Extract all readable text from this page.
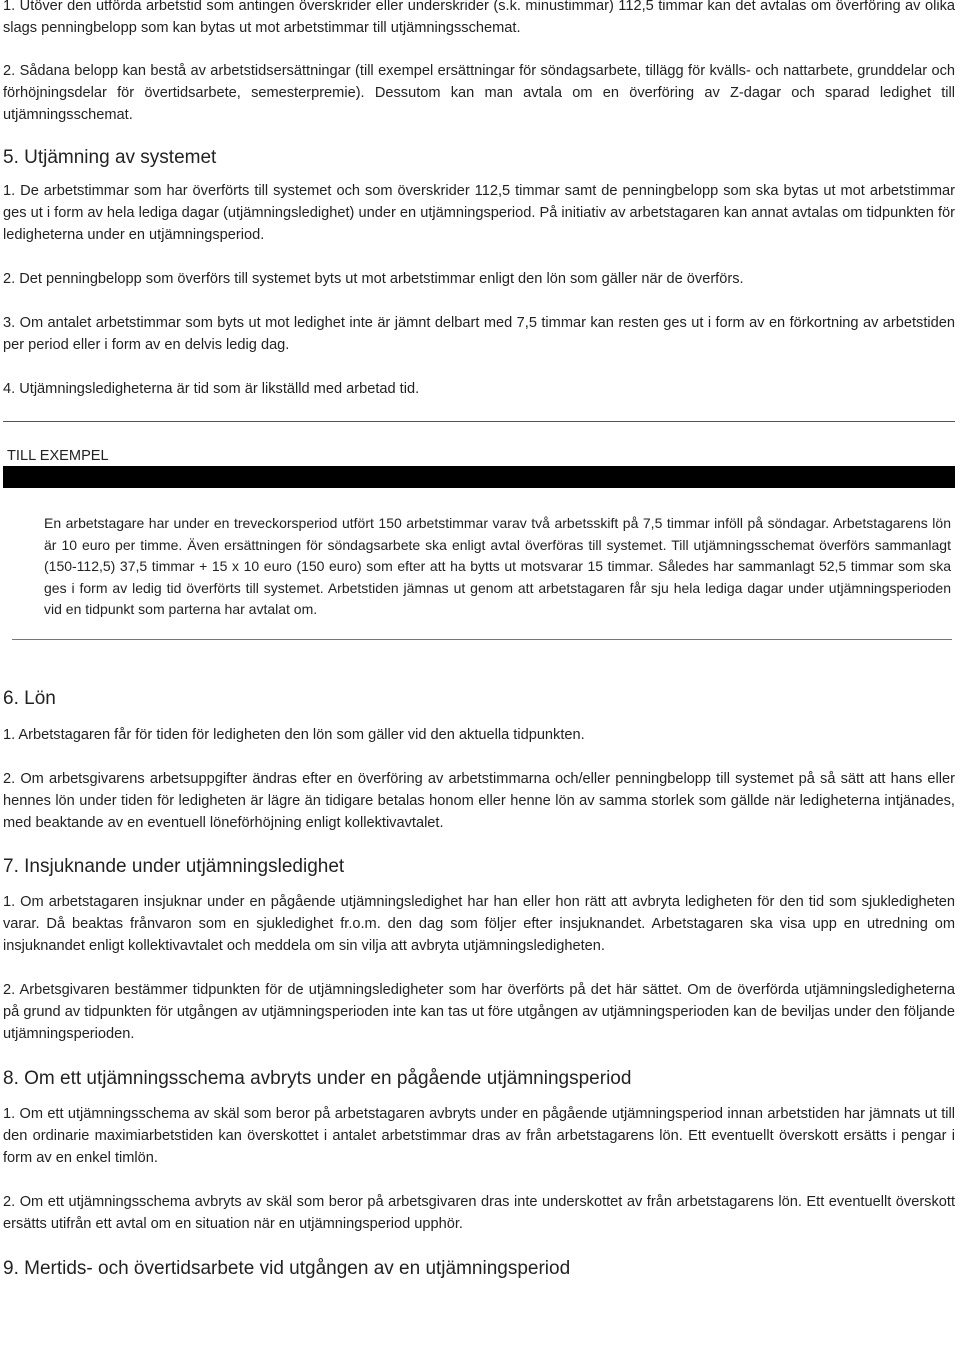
1. Utöver den utförda arbetstid som antingen överskrider eller underskrider (s.k. minustimmar) 112,5 timmar kan det avtalas om överföring av olika slags penningbelopp som kan bytas ut mot arbetstimmar till utjämningsschemat.

2. Sådana belopp kan bestå av arbetstidsersättningar (till exempel ersättningar för söndagsarbete, tillägg för kvälls- och nattarbete, grunddelar och förhöjningsdelar för övertidsarbete, semesterpremie). Dessutom kan man avtala om en överföring av Z-dagar och sparad ledighet till utjämningsschemat.

5. Utjämning av systemet

1. De arbetstimmar som har överförts till systemet och som överskrider 112,5 timmar samt de penningbelopp som ska bytas ut mot arbetstimmar ges ut i form av hela lediga dagar (utjämningsledighet) under en utjämningsperiod. På initiativ av arbetstagaren kan annat avtalas om tidpunkten för ledigheterna under en utjämningsperiod.

2. Det penningbelopp som överförs till systemet byts ut mot arbetstimmar enligt den lön som gäller när de överförs.

3. Om antalet arbetstimmar som byts ut mot ledighet inte är jämnt delbart med 7,5 timmar kan resten ges ut i form av en förkortning av arbetstiden per period eller i form av en delvis ledig dag.

4. Utjämningsledigheterna är tid som är likställd med arbetad tid.

TILL EXEMPEL

En arbetstagare har under en treveckorsperiod utfört 150 arbetstimmar varav två arbetsskift på 7,5 timmar inföll på söndagar. Arbetstagarens lön är 10 euro per timme. Även ersättningen för söndagsarbete ska enligt avtal överföras till systemet. Till utjämningsschemat överförs sammanlagt (150-112,5) 37,5 timmar + 15 x 10 euro (150 euro) som efter att ha bytts ut motsvarar 15 timmar. Således har sammanlagt 52,5 timmar som ska ges i form av ledig tid överförts till systemet. Arbetstiden jämnas ut genom att arbetstagaren får sju hela lediga dagar under utjämningsperioden vid en tidpunkt som parterna har avtalat om.

6. Lön

1. Arbetstagaren får för tiden för ledigheten den lön som gäller vid den aktuella tidpunkten.

2. Om arbetsgivarens arbetsuppgifter ändras efter en överföring av arbetstimmarna och/eller penningbelopp till systemet på så sätt att hans eller hennes lön under tiden för ledigheten är lägre än tidigare betalas honom eller henne lön av samma storlek som gällde när ledigheterna intjänades, med beaktande av en eventuell löneförhöjning enligt kollektivavtalet.

7. Insjuknande under utjämningsledighet

1. Om arbetstagaren insjuknar under en pågående utjämningsledighet har han eller hon rätt att avbryta ledigheten för den tid som sjukledigheten varar. Då beaktas frånvaron som en sjukledighet fr.o.m. den dag som följer efter insjuknandet. Arbetstagaren ska visa upp en utredning om insjuknandet enligt kollektivavtalet och meddela om sin vilja att avbryta utjämningsledigheten.

2. Arbetsgivaren bestämmer tidpunkten för de utjämningsledigheter som har överförts på det här sättet. Om de överförda utjämningsledigheterna på grund av tidpunkten för utgången av utjämningsperioden inte kan tas ut före utgången av utjämningsperioden kan de beviljas under den följande utjämningsperioden.

8. Om ett utjämningsschema avbryts under en pågående utjämningsperiod

1. Om ett utjämningsschema av skäl som beror på arbetstagaren avbryts under en pågående utjämningsperiod innan arbetstiden har jämnats ut till den ordinarie maximiarbetstiden kan överskottet i antalet arbetstimmar dras av från arbetstagarens lön. Ett eventuellt överskott ersätts i pengar i form av en enkel timlön.

2. Om ett utjämningsschema avbryts av skäl som beror på arbetsgivaren dras inte underskottet av från arbetstagarens lön. Ett eventuellt överskott ersätts utifrån ett avtal om en situation när en utjämningsperiod upphör.

9. Mertids- och övertidsarbete vid utgången av en utjämningsperiod
